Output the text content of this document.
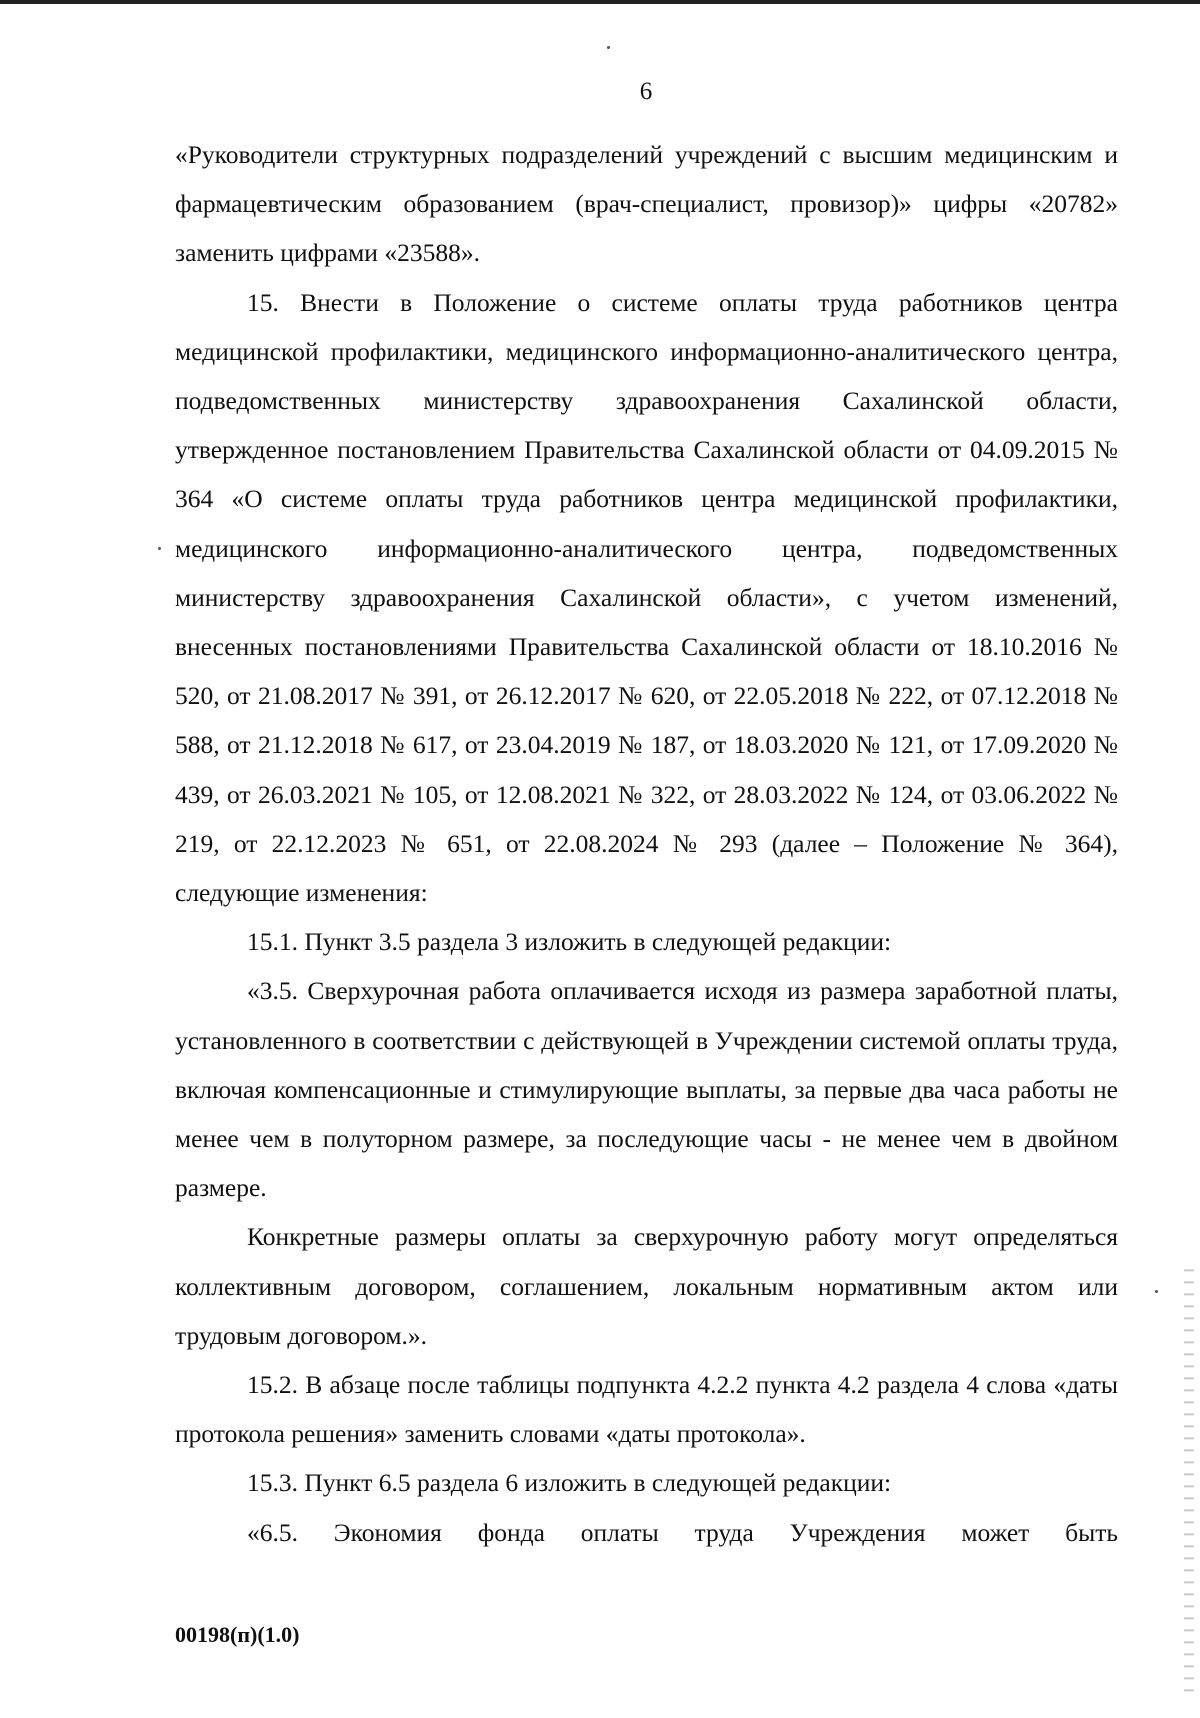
6

«Руководители структурных подразделений учреждений с высшим медицинским и фармацевтическим образованием (врач-специалист, провизор)» цифры «20782» заменить цифрами «23588».

15. Внести в Положение о системе оплаты труда работников центра медицинской профилактики, медицинского информационно-аналитического центра, подведомственных министерству здравоохранения Сахалинской области, утвержденное постановлением Правительства Сахалинской области от 04.09.2015 № 364 «О системе оплаты труда работников центра медицинской профилактики, медицинского информационно-аналитического центра, подведомственных министерству здравоохранения Сахалинской области», с учетом изменений, внесенных постановлениями Правительства Сахалинской области от 18.10.2016 № 520, от 21.08.2017 № 391, от 26.12.2017 № 620, от 22.05.2018 № 222, от 07.12.2018 № 588, от 21.12.2018 № 617, от 23.04.2019 № 187, от 18.03.2020 № 121, от 17.09.2020 № 439, от 26.03.2021 № 105, от 12.08.2021 № 322, от 28.03.2022 № 124, от 03.06.2022 № 219, от 22.12.2023 № 651, от 22.08.2024 № 293 (далее – Положение № 364), следующие изменения:

15.1. Пункт 3.5 раздела 3 изложить в следующей редакции:

«3.5. Сверхурочная работа оплачивается исходя из размера заработной платы, установленного в соответствии с действующей в Учреждении системой оплаты труда, включая компенсационные и стимулирующие выплаты, за первые два часа работы не менее чем в полуторном размере, за последующие часы - не менее чем в двойном размере.

Конкретные размеры оплаты за сверхурочную работу могут определяться коллективным договором, соглашением, локальным нормативным актом или трудовым договором.».

15.2. В абзаце после таблицы подпункта 4.2.2 пункта 4.2 раздела 4 слова «даты протокола решения» заменить словами «даты протокола».

15.3. Пункт 6.5 раздела 6 изложить в следующей редакции:

«6.5. Экономия фонда оплаты труда Учреждения может быть

00198(п)(1.0)
